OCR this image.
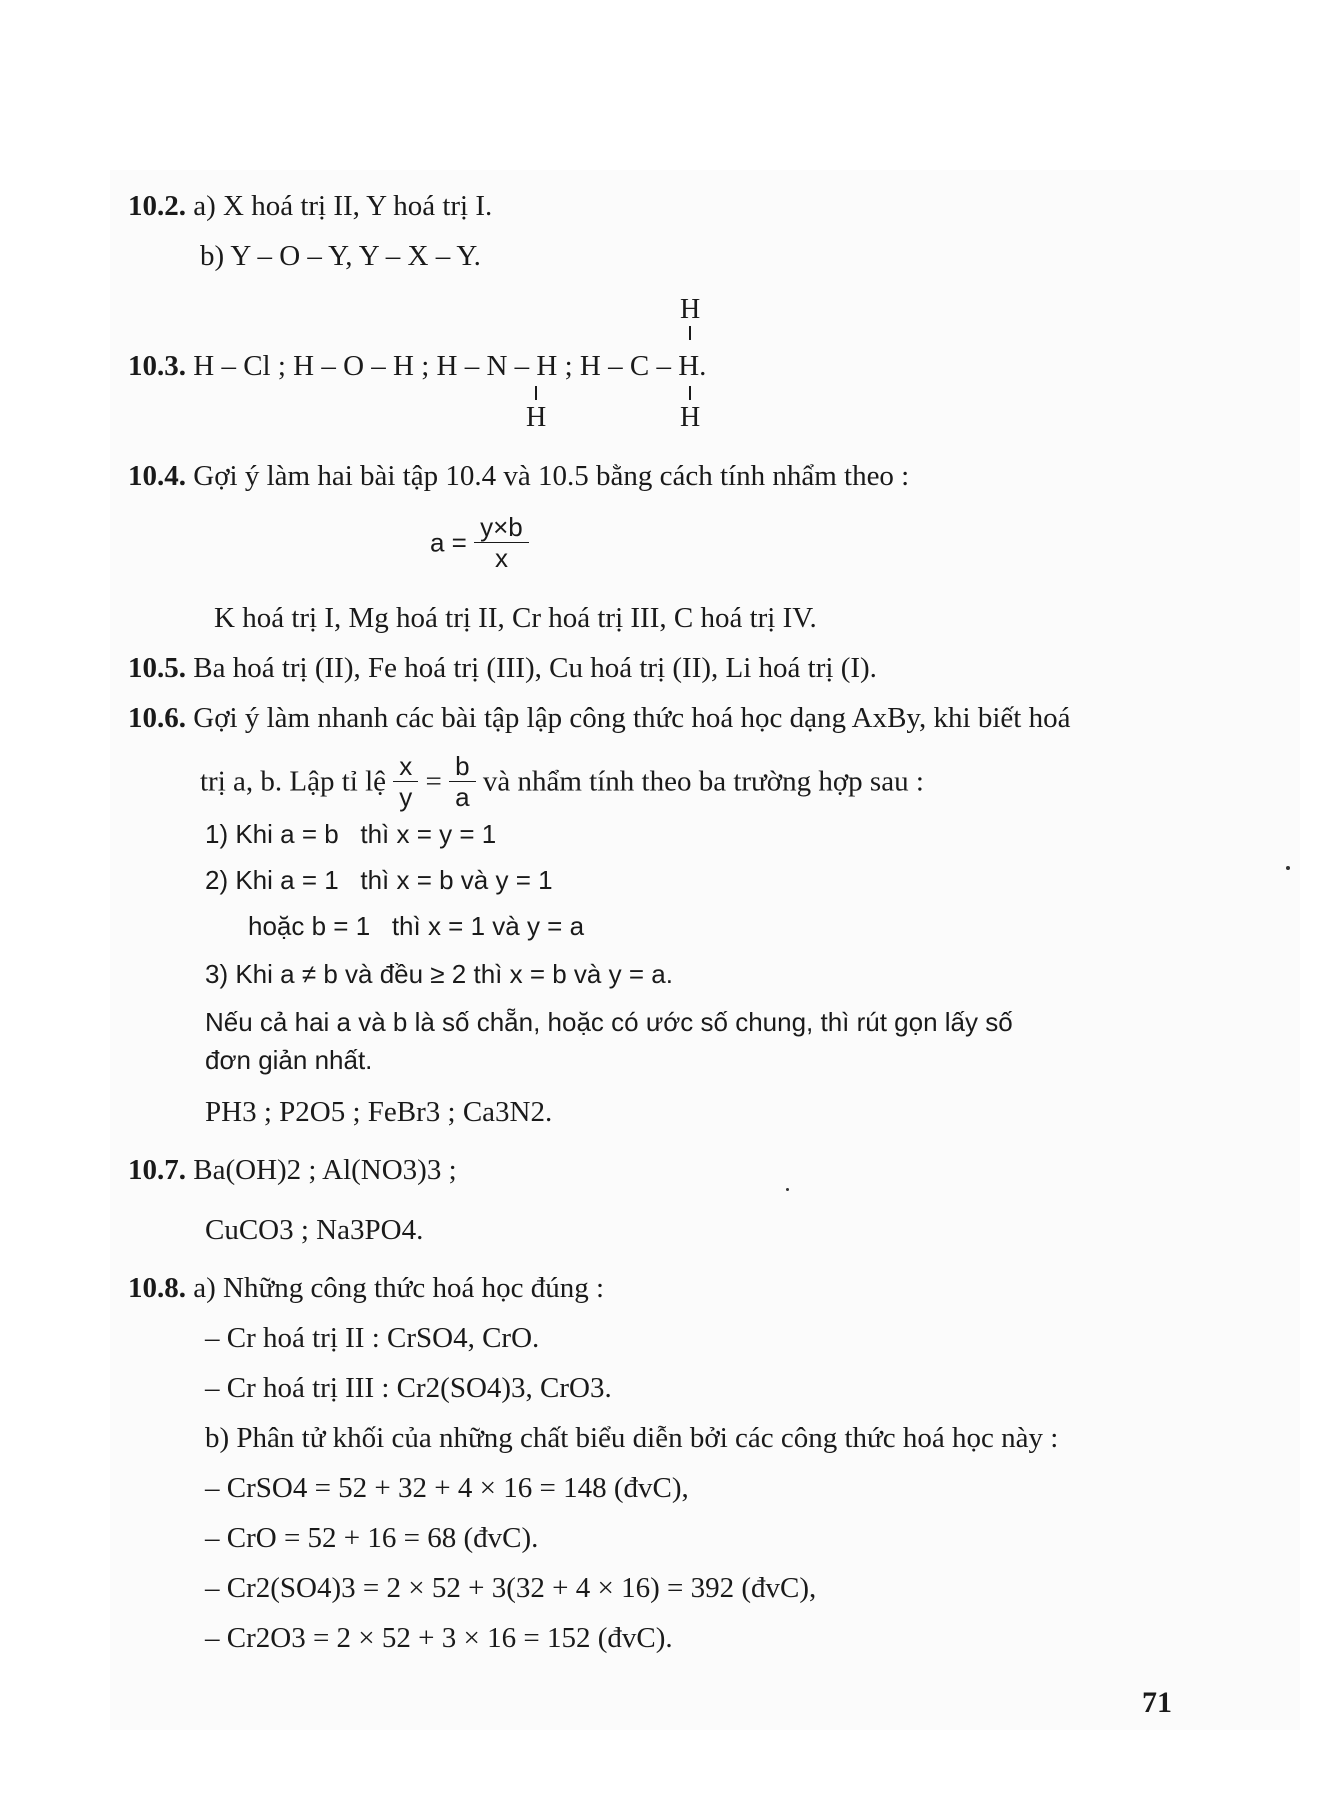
10.2. a) X hoá trị II, Y hoá trị I.
b) Y – O – Y, Y – X – Y.
H
10.3. H – Cl ; H – O – H ; H – N – H ; H – C – H.
H	H
10.4. Gợi ý làm hai bài tập 10.4 và 10.5 bằng cách tính nhẩm theo :
$a = \frac{y\times b}{x}$
K hoá trị I, Mg hoá trị II, Cr hoá trị III, C hoá trị IV.
10.5. Ba hoá trị (II), Fe hoá trị (III), Cu hoá trị (II), Li hoá trị (I).
10.6. Gợi ý làm nhanh các bài tập lập công thức hoá học dạng AxBy, khi biết hoá
trị a, b. Lập tỉ lệ $\frac{x}{y} = \frac{b}{a}$ và nhẩm tính theo ba trường hợp sau :
1) Khi a = b   thì x = y = 1
2) Khi a = 1   thì x = b và y = 1
hoặc b = 1   thì x = 1 và y = a
3) Khi a ≠ b và đều ≥ 2 thì x = b và y = a.
Nếu cả hai a và b là số chẵn, hoặc có ước số chung, thì rút gọn lấy số
đơn giản nhất.
PH3 ; P2O5 ; FeBr3 ; Ca3N2.
10.7. Ba(OH)2 ; Al(NO3)3 ;
CuCO3 ; Na3PO4.
10.8. a) Những công thức hoá học đúng :
– Cr hoá trị II : CrSO4, CrO.
– Cr hoá trị III : Cr2(SO4)3, CrO3.
b) Phân tử khối của những chất biểu diễn bởi các công thức hoá học này :
– CrSO4 = 52 + 32 + 4 × 16 = 148 (đvC),
– CrO = 52 + 16 = 68 (đvC).
– Cr2(SO4)3 = 2 × 52 + 3(32 + 4 × 16) = 392 (đvC),
– Cr2O3 = 2 × 52 + 3 × 16 = 152 (đvC).
71
